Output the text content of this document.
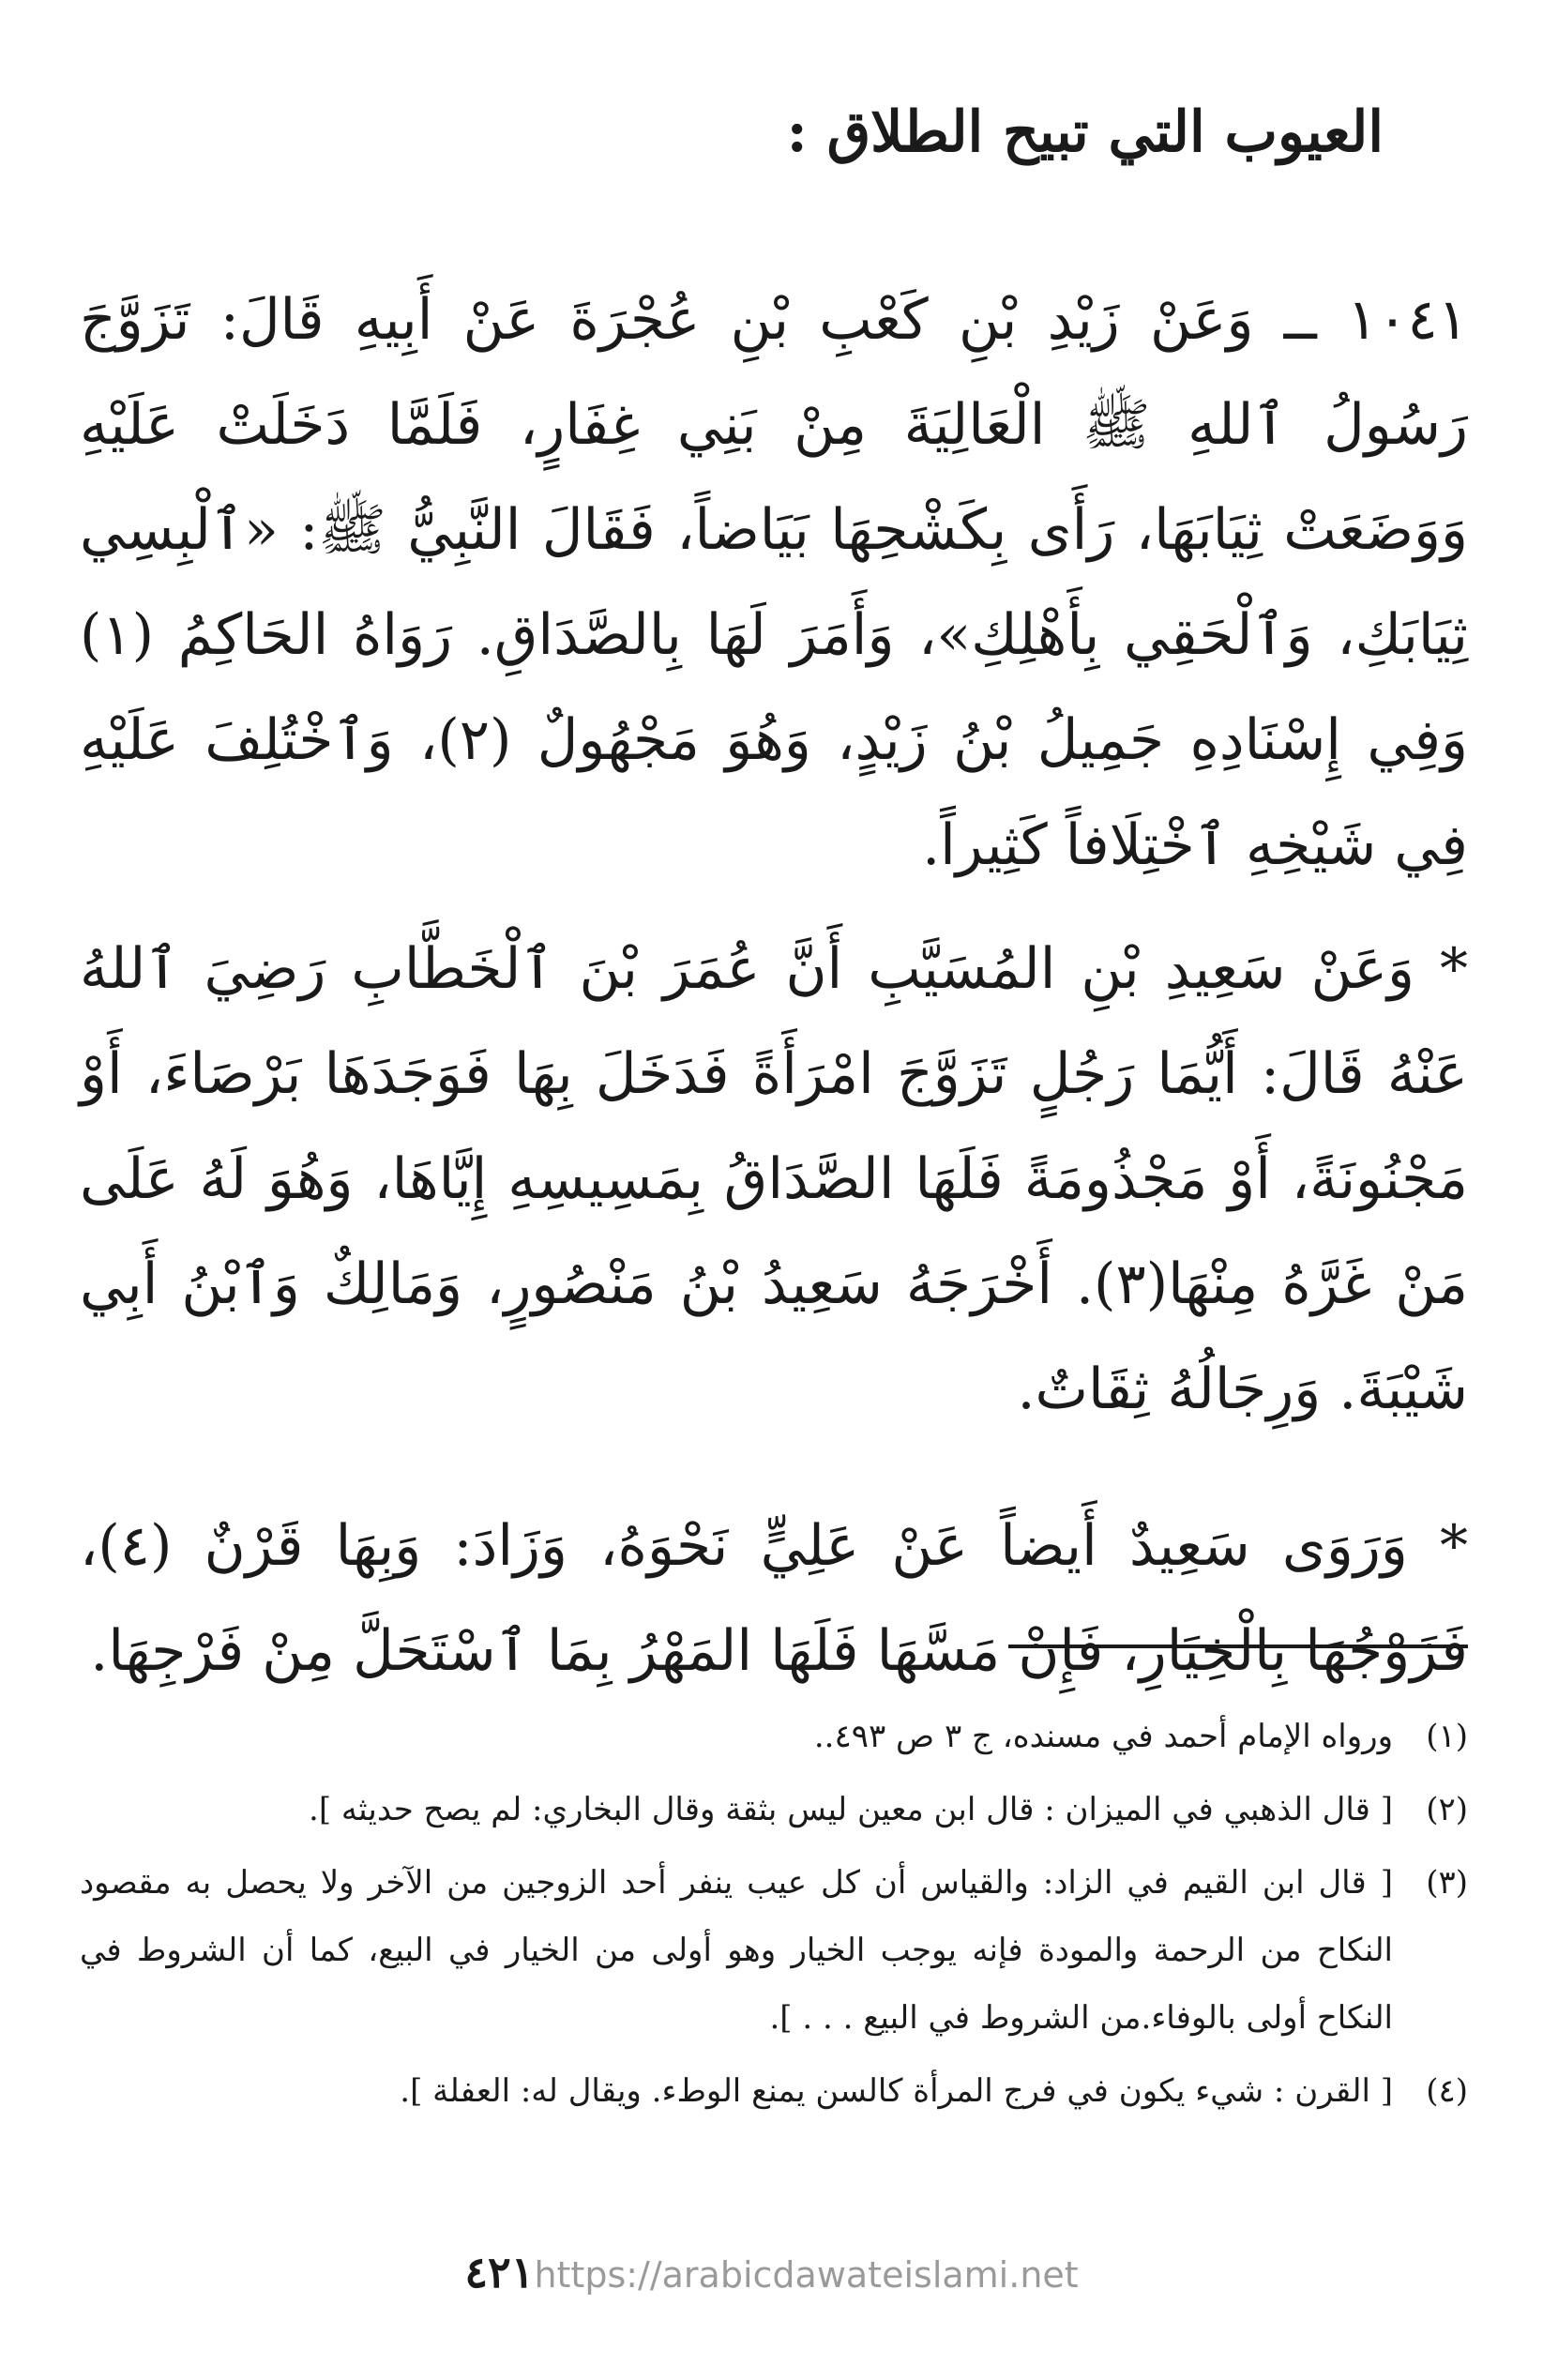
العيوب التي تبيح الطلاق :

١٠٤١ ــ وَعَنْ زَيْدِ بْنِ كَعْبِ بْنِ عُجْرَةَ عَنْ أَبِيهِ قَالَ: تَزَوَّجَ رَسُولُ ٱللهِ ﷺ الْعَالِيَةَ مِنْ بَنِي غِفَارٍ، فَلَمَّا دَخَلَتْ عَلَيْهِ وَوَضَعَتْ ثِيَابَهَا، رَأَى بِكَشْحِهَا بَيَاضاً، فَقَالَ النَّبِيُّ ﷺ: «ٱلْبِسِي ثِيَابَكِ، وَٱلْحَقِي بِأَهْلِكِ»، وَأَمَرَ لَهَا بِالصَّدَاقِ. رَوَاهُ الحَاكِمُ (١) وَفِي إِسْنَادِهِ جَمِيلُ بْنُ زَيْدٍ، وَهُوَ مَجْهُولٌ (٢)، وَٱخْتُلِفَ عَلَيْهِ فِي شَيْخِهِ ٱخْتِلَافاً كَثِيراً.

* وَعَنْ سَعِيدِ بْنِ المُسَيَّبِ أَنَّ عُمَرَ بْنَ ٱلْخَطَّابِ رَضِيَ ٱللهُ عَنْهُ قَالَ: أَيُّمَا رَجُلٍ تَزَوَّجَ امْرَأَةً فَدَخَلَ بِهَا فَوَجَدَهَا بَرْصَاءَ، أَوْ مَجْنُونَةً، أَوْ مَجْذُومَةً فَلَهَا الصَّدَاقُ بِمَسِيسِهِ إِيَّاهَا، وَهُوَ لَهُ عَلَى مَنْ غَرَّهُ مِنْهَا(٣). أَخْرَجَهُ سَعِيدُ بْنُ مَنْصُورٍ، وَمَالِكٌ وَٱبْنُ أَبِي شَيْبَةَ. وَرِجَالُهُ ثِقَاتٌ.

* وَرَوَى سَعِيدٌ أَيضاً عَنْ عَلِيٍّ نَحْوَهُ، وَزَادَ: وَبِهَا قَرْنٌ (٤)، فَزَوْجُهَا بِالْخِيَارِ، فَإِنْ مَسَّهَا فَلَهَا المَهْرُ بِمَا ٱسْتَحَلَّ مِنْ فَرْجِهَا.

(١)
ورواه الإمام أحمد في مسنده، ج ٣ ص ٤٩٣..
(٢)
[ قال الذهبي في الميزان : قال ابن معين ليس بثقة وقال البخاري: لم يصح حديثه ].
(٣)
[ قال ابن القيم في الزاد: والقياس أن كل عيب ينفر أحد الزوجين من الآخر ولا يحصل به مقصود النكاح من الرحمة والمودة فإنه يوجب الخيار وهو أولى من الخيار في البيع، كما أن الشروط في النكاح أولى بالوفاء.من الشروط في البيع . . . ].
(٤)
[ القرن : شيء يكون في فرج المرأة كالسن يمنع الوطء. ويقال له: العفلة ].
٤٢١https://arabicdawateislami.net
